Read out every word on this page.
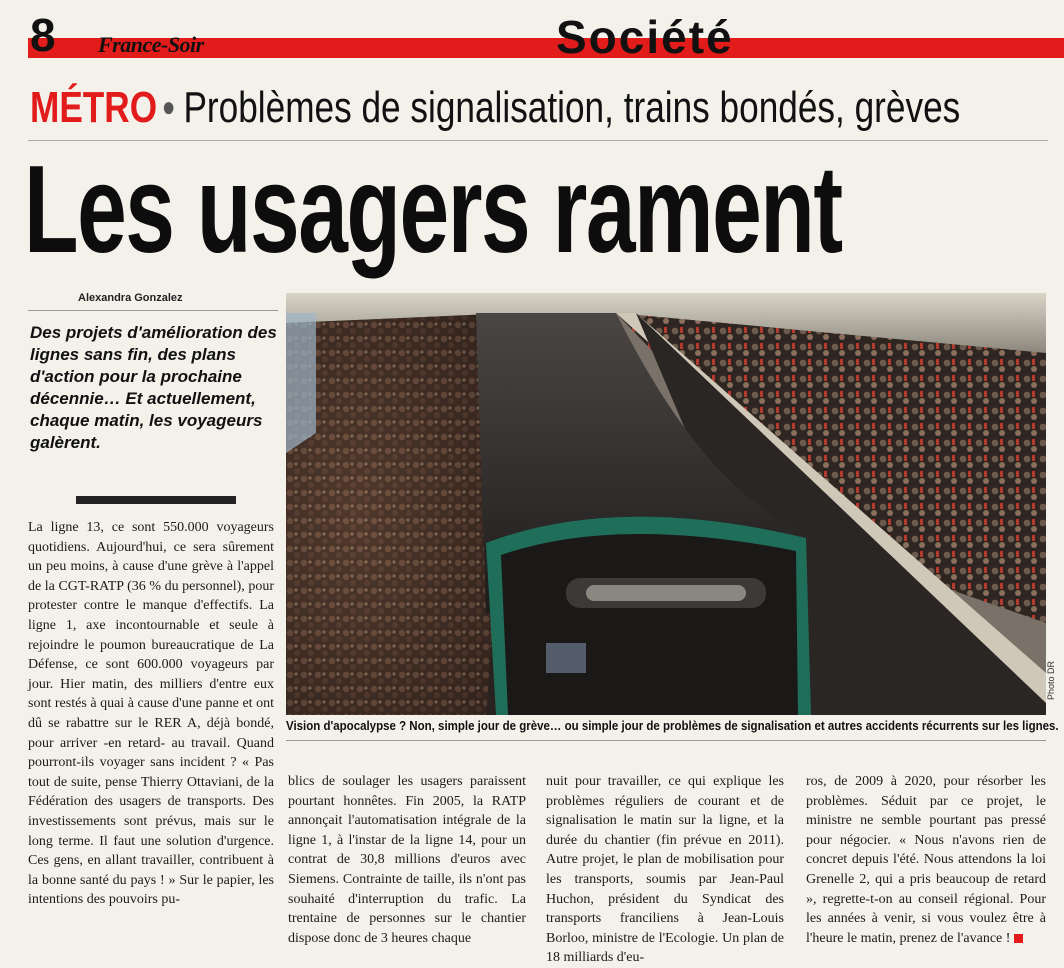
8 France-Soir	Société
MÉTRO ● Problèmes de signalisation, trains bondés, grèves
Les usagers rament
Alexandra Gonzalez
Des projets d'amélioration des lignes sans fin, des plans d'action pour la prochaine décennie… Et actuellement, chaque matin, les voyageurs galèrent.

La ligne 13, ce sont 550.000 voyageurs quotidiens. Aujourd'hui, ce sera sûrement un peu moins, à cause d'une grève à l'appel de la CGT-RATP (36 % du personnel), pour protester contre le manque d'effectifs. La ligne 1, axe incontournable et seule à rejoindre le poumon bureaucratique de La Défense, ce sont 600.000 voyageurs par jour. Hier matin, des milliers d'entre eux sont restés à quai à cause d'une panne et ont dû se rabattre sur le RER A, déjà bondé, pour arriver -en retard- au travail. Quand pourront-ils voyager sans incident ? « Pas tout de suite, pense Thierry Ottaviani, de la Fédération des usagers de transports. Des investissements sont prévus, mais sur le long terme. Il faut une solution d'urgence. Ces gens, en allant travailler, contribuent à la bonne santé du pays ! » Sur le papier, les intentions des pouvoirs pu-

blics de soulager les usagers paraissent pourtant honnêtes. Fin 2005, la RATP annonçait l'automatisation intégrale de la ligne 1, à l'instar de la ligne 14, pour un contrat de 30,8 millions d'euros avec Siemens. Contrainte de taille, ils n'ont pas souhaité d'interruption du trafic. La trentaine de personnes sur le chantier dispose donc de 3 heures chaque

nuit pour travailler, ce qui explique les problèmes réguliers de courant et de signalisation le matin sur la ligne, et la durée du chantier (fin prévue en 2011). Autre projet, le plan de mobilisation pour les transports, soumis par Jean-Paul Huchon, président du Syndicat des transports franciliens à Jean-Louis Borloo, ministre de l'Ecologie. Un plan de 18 milliards d'eu-

ros, de 2009 à 2020, pour résorber les problèmes. Séduit par ce projet, le ministre ne semble pourtant pas pressé pour négocier. « Nous n'avons rien de concret depuis l'été. Nous attendons la loi Grenelle 2, qui a pris beaucoup de retard », regrette-t-on au conseil régional. Pour les années à venir, si vous voulez être à l'heure le matin, prenez de l'avance !

Photo DR
Vision d'apocalypse ? Non, simple jour de grève… ou simple jour de problèmes de signalisation et autres accidents récurrents sur les lignes.
